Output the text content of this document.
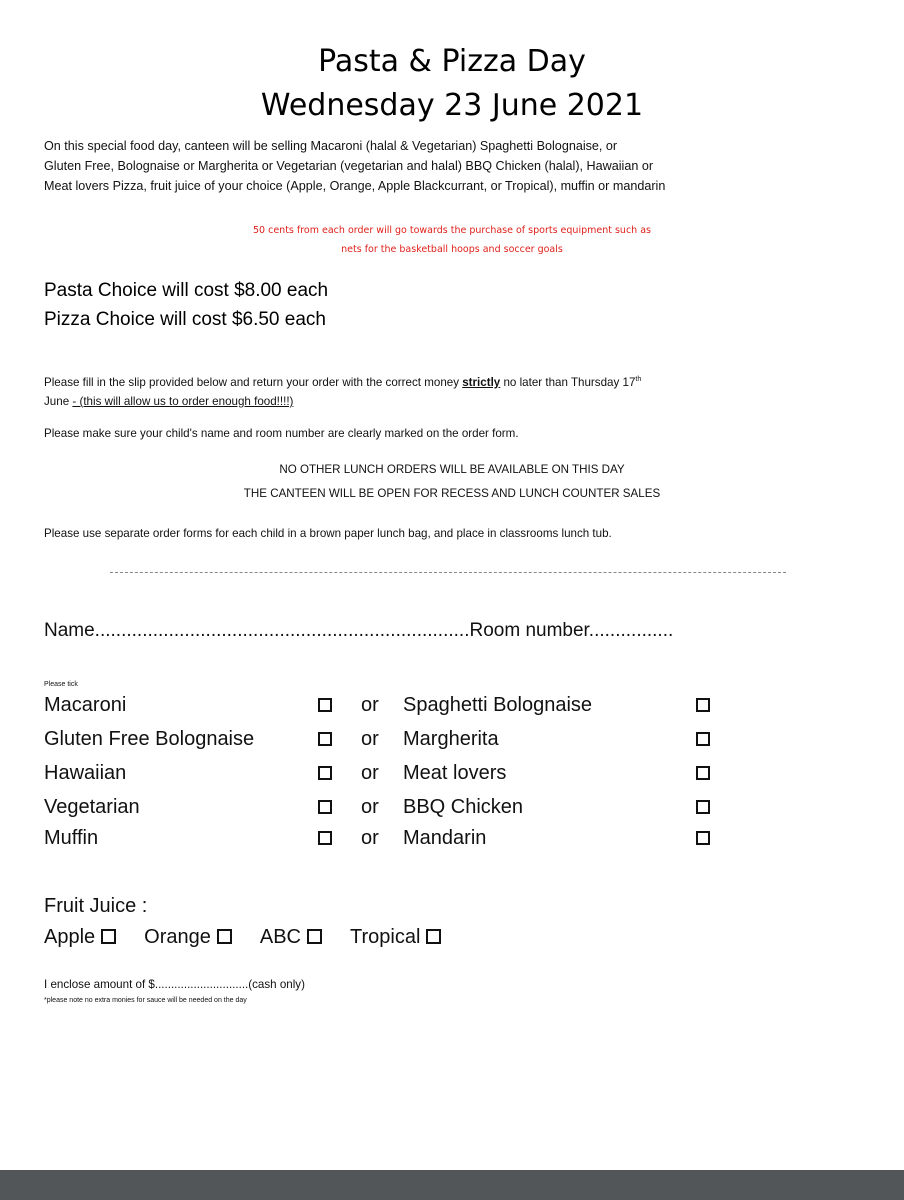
Pasta & Pizza Day
Wednesday 23 June 2021
On this special food day, canteen will be selling Macaroni (halal & Vegetarian) Spaghetti Bolognaise, or
Gluten Free, Bolognaise or Margherita or Vegetarian (vegetarian and halal) BBQ Chicken (halal), Hawaiian or
Meat lovers Pizza, fruit juice of your choice (Apple, Orange, Apple Blackcurrant, or Tropical), muffin or mandarin
50 cents from each order will go towards the purchase of sports equipment such as
nets for the basketball hoops and soccer goals
Pasta Choice will cost $8.00 each
Pizza Choice will cost $6.50 each
Please fill in the slip provided below and return your order with the correct money strictly no later than Thursday 17th
June - (this will allow us to order enough food!!!!)
Please make sure your child's name and room number are clearly marked on the order form.
NO OTHER LUNCH ORDERS WILL BE AVAILABLE ON THIS DAY
THE CANTEEN WILL BE OPEN FOR RECESS AND LUNCH COUNTER SALES
Please use separate order forms for each child in a brown paper lunch bag, and place in classrooms lunch tub.
Name.......................................................................Room number................
Please tick
Macaroni	or Spaghetti Bolognaise
Gluten Free Bolognaise	or Margherita
Hawaiian	or Meat lovers
Vegetarian	or BBQ Chicken
Muffin	or Mandarin
Fruit Juice :
Apple Orange ABC Tropical
I enclose amount of $.............................(cash only)
*please note no extra monies for sauce will be needed on the day
